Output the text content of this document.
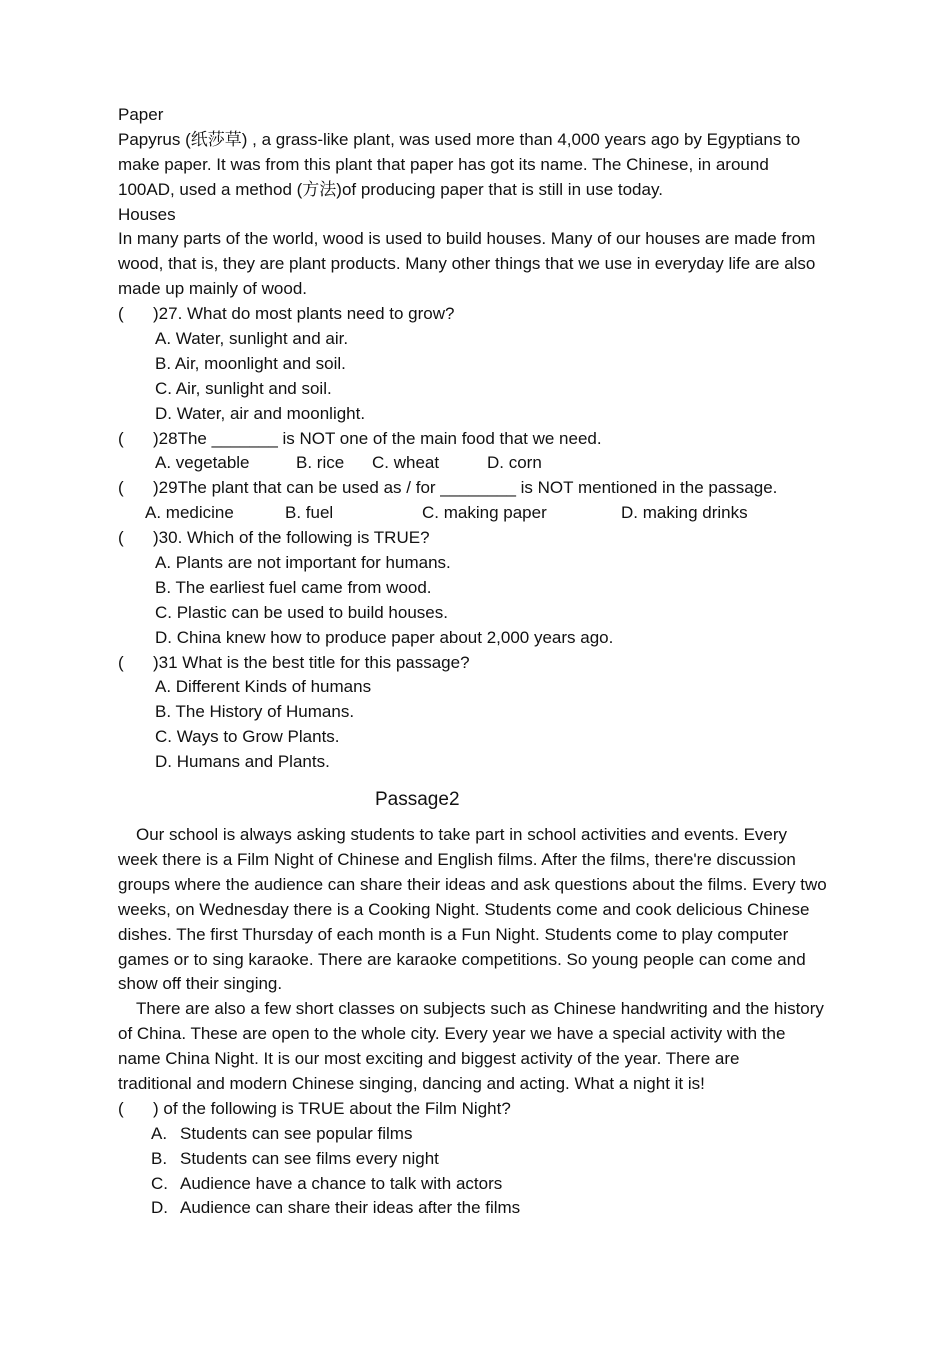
Paper
Papyrus (纸莎草) , a grass-like plant, was used more than 4,000 years ago by Egyptians to
make paper. It was from this plant that paper has got its name. The Chinese, in around
100AD, used a method (方法)of producing paper that is still in use today.
Houses
In many parts of the world, wood is used to build houses. Many of our houses are made from
wood, that is, they are plant products. Many other things that we use in everyday life are also
made up mainly of wood.
( )27. What do most plants need to grow?
A. Water, sunlight and air.
B. Air, moonlight and soil.
C. Air, sunlight and soil.
D. Water, air and moonlight.
( )28The _______ is NOT one of the main food that we need.
A. vegetable	B. rice C. wheat	D. corn
( )29The plant that can be used as / for ________ is NOT mentioned in the passage.
A. medicine	B. fuel	C. making paper	D. making drinks
( )30. Which of the following is TRUE?
A. Plants are not important for humans.
B. The earliest fuel came from wood.
C. Plastic can be used to build houses.
D. China knew how to produce paper about 2,000 years ago.
( )31 What is the best title for this passage?
A. Different Kinds of humans
B. The History of Humans.
C. Ways to Grow Plants.
D. Humans and Plants.
Passage2
Our school is always asking students to take part in school activities and events. Every
week there is a Film Night of Chinese and English films. After the films, there're discussion
groups where the audience can share their ideas and ask questions about the films. Every two
weeks, on Wednesday there is a Cooking Night. Students come and cook delicious Chinese
dishes. The first Thursday of each month is a Fun Night. Students come to play computer
games or to sing karaoke. There are karaoke competitions. So young people can come and
show off their singing.
There are also a few short classes on subjects such as Chinese handwriting and the history
of China. These are open to the whole city. Every year we have a special activity with the
name China Night. It is our most exciting and biggest activity of the year. There are
traditional and modern Chinese singing, dancing and acting. What a night it is!
( ) of the following is TRUE about the Film Night?
A. Students can see popular films
B. Students can see films every night
C. Audience have a chance to talk with actors
D. Audience can share their ideas after the films
